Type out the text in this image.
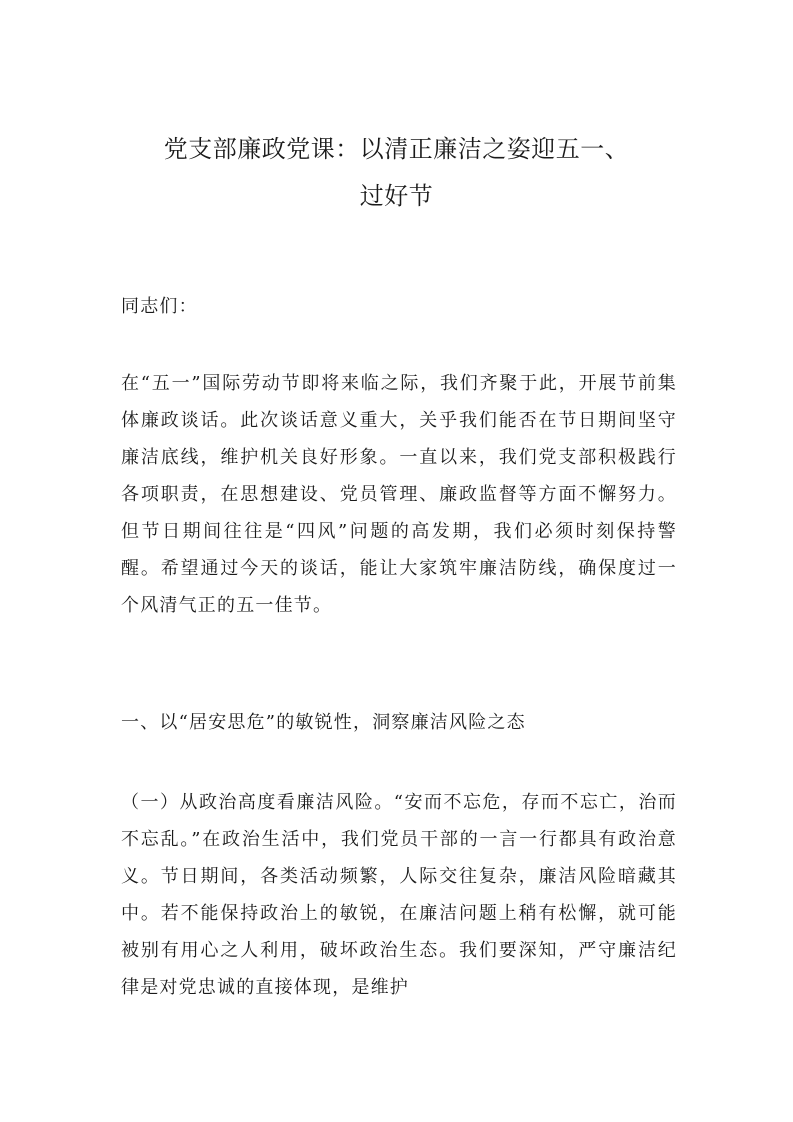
党支部廉政党课：以清正廉洁之姿迎五一、
过好节

同志们：

在“五一”国际劳动节即将来临之际，我们齐聚于此，开展节前集体廉政谈话。此次谈话意义重大，关乎我们能否在节日期间坚守廉洁底线，维护机关良好形象。一直以来，我们党支部积极践行各项职责，在思想建设、党员管理、廉政监督等方面不懈努力。但节日期间往往是“四风”问题的高发期，我们必须时刻保持警醒。希望通过今天的谈话，能让大家筑牢廉洁防线，确保度过一个风清气正的五一佳节。

一、以“居安思危”的敏锐性，洞察廉洁风险之态

（一）从政治高度看廉洁风险。“安而不忘危，存而不忘亡，治而不忘乱。”在政治生活中，我们党员干部的一言一行都具有政治意义。节日期间，各类活动频繁，人际交往复杂，廉洁风险暗藏其中。若不能保持政治上的敏锐，在廉洁问题上稍有松懈，就可能被别有用心之人利用，破坏政治生态。我们要深知，严守廉洁纪律是对党忠诚的直接体现，是维护
